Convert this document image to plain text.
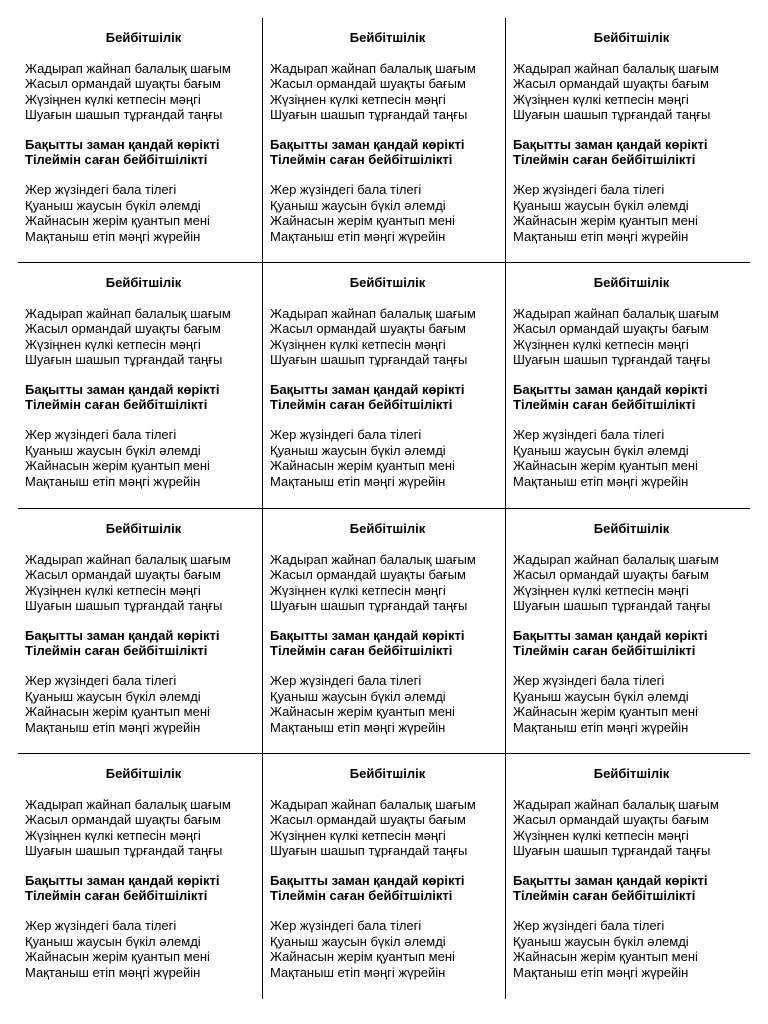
Бейбітшілік
Жадырап жайнап балалық шағым
Жасыл ормандай шуақты бағым
Жүзіңнен күлкі кетпесін мәңгі
Шуағын шашып тұрғандай таңғы
Бақытты заман қандай көрікті
Тілеймін саған бейбітшілікті
Жер жүзіндегі бала тілегі
Қуаныш жаусын бүкіл әлемді
Жайнасын жерім қуантып мені
Мақтаныш етіп мәңгі жүрейін
Бейбітшілік
Жадырап жайнап балалық шағым
Жасыл ормандай шуақты бағым
Жүзіңнен күлкі кетпесін мәңгі
Шуағын шашып тұрғандай таңғы
Бақытты заман қандай көрікті
Тілеймін саған бейбітшілікті
Жер жүзіндегі бала тілегі
Қуаныш жаусын бүкіл әлемді
Жайнасын жерім қуантып мені
Мақтаныш етіп мәңгі жүрейін
Бейбітшілік
Жадырап жайнап балалық шағым
Жасыл ормандай шуақты бағым
Жүзіңнен күлкі кетпесін мәңгі
Шуағын шашып тұрғандай таңғы
Бақытты заман қандай көрікті
Тілеймін саған бейбітшілікті
Жер жүзіндегі бала тілегі
Қуаныш жаусын бүкіл әлемді
Жайнасын жерім қуантып мені
Мақтаныш етіп мәңгі жүрейін
Бейбітшілік
Жадырап жайнап балалық шағым
Жасыл ормандай шуақты бағым
Жүзіңнен күлкі кетпесін мәңгі
Шуағын шашып тұрғандай таңғы
Бақытты заман қандай көрікті
Тілеймін саған бейбітшілікті
Жер жүзіндегі бала тілегі
Қуаныш жаусын бүкіл әлемді
Жайнасын жерім қуантып мені
Мақтаныш етіп мәңгі жүрейін
Бейбітшілік
Жадырап жайнап балалық шағым
Жасыл ормандай шуақты бағым
Жүзіңнен күлкі кетпесін мәңгі
Шуағын шашып тұрғандай таңғы
Бақытты заман қандай көрікті
Тілеймін саған бейбітшілікті
Жер жүзіндегі бала тілегі
Қуаныш жаусын бүкіл әлемді
Жайнасын жерім қуантып мені
Мақтаныш етіп мәңгі жүрейін
Бейбітшілік
Жадырап жайнап балалық шағым
Жасыл ормандай шуақты бағым
Жүзіңнен күлкі кетпесін мәңгі
Шуағын шашып тұрғандай таңғы
Бақытты заман қандай көрікті
Тілеймін саған бейбітшілікті
Жер жүзіндегі бала тілегі
Қуаныш жаусын бүкіл әлемді
Жайнасын жерім қуантып мені
Мақтаныш етіп мәңгі жүрейін
Бейбітшілік
Жадырап жайнап балалық шағым
Жасыл ормандай шуақты бағым
Жүзіңнен күлкі кетпесін мәңгі
Шуағын шашып тұрғандай таңғы
Бақытты заман қандай көрікті
Тілеймін саған бейбітшілікті
Жер жүзіндегі бала тілегі
Қуаныш жаусын бүкіл әлемді
Жайнасын жерім қуантып мені
Мақтаныш етіп мәңгі жүрейін
Бейбітшілік
Жадырап жайнап балалық шағым
Жасыл ормандай шуақты бағым
Жүзіңнен күлкі кетпесін мәңгі
Шуағын шашып тұрғандай таңғы
Бақытты заман қандай көрікті
Тілеймін саған бейбітшілікті
Жер жүзіндегі бала тілегі
Қуаныш жаусын бүкіл әлемді
Жайнасын жерім қуантып мені
Мақтаныш етіп мәңгі жүрейін
Бейбітшілік
Жадырап жайнап балалық шағым
Жасыл ормандай шуақты бағым
Жүзіңнен күлкі кетпесін мәңгі
Шуағын шашып тұрғандай таңғы
Бақытты заман қандай көрікті
Тілеймін саған бейбітшілікті
Жер жүзіндегі бала тілегі
Қуаныш жаусын бүкіл әлемді
Жайнасын жерім қуантып мені
Мақтаныш етіп мәңгі жүрейін
Бейбітшілік
Жадырап жайнап балалық шағым
Жасыл ормандай шуақты бағым
Жүзіңнен күлкі кетпесін мәңгі
Шуағын шашып тұрғандай таңғы
Бақытты заман қандай көрікті
Тілеймін саған бейбітшілікті
Жер жүзіндегі бала тілегі
Қуаныш жаусын бүкіл әлемді
Жайнасын жерім қуантып мені
Мақтаныш етіп мәңгі жүрейін
Бейбітшілік
Жадырап жайнап балалық шағым
Жасыл ормандай шуақты бағым
Жүзіңнен күлкі кетпесін мәңгі
Шуағын шашып тұрғандай таңғы
Бақытты заман қандай көрікті
Тілеймін саған бейбітшілікті
Жер жүзіндегі бала тілегі
Қуаныш жаусын бүкіл әлемді
Жайнасын жерім қуантып мені
Мақтаныш етіп мәңгі жүрейін
Бейбітшілік
Жадырап жайнап балалық шағым
Жасыл ормандай шуақты бағым
Жүзіңнен күлкі кетпесін мәңгі
Шуағын шашып тұрғандай таңғы
Бақытты заман қандай көрікті
Тілеймін саған бейбітшілікті
Жер жүзіндегі бала тілегі
Қуаныш жаусын бүкіл әлемді
Жайнасын жерім қуантып мені
Мақтаныш етіп мәңгі жүрейін
